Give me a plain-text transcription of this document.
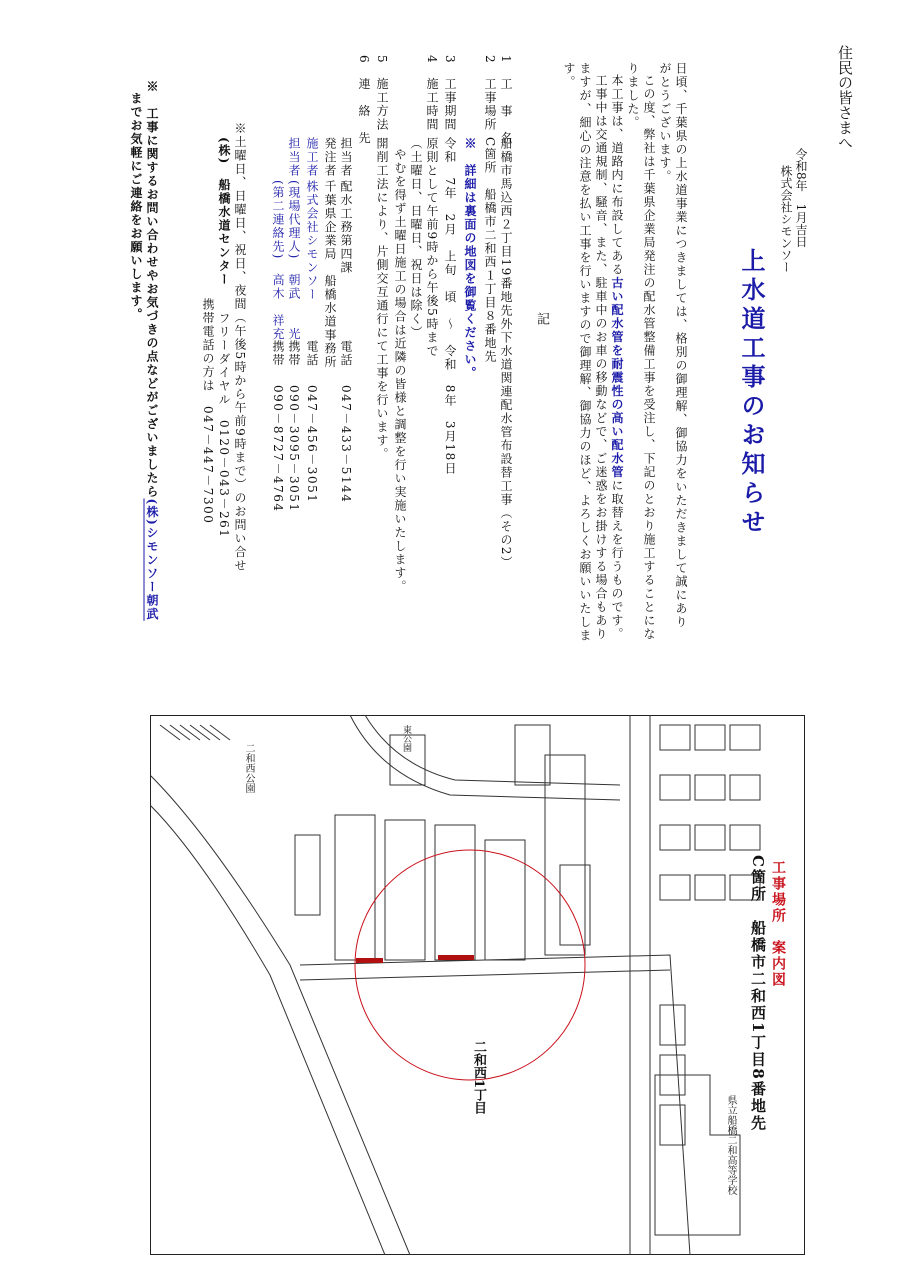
住民の皆さまへ
令和8年　1月吉日
株式会社シモンソー
上水道工事のお知らせ
日頃、千葉県の上水道事業につきましては、格別の御理解、御協力をいただきまして誠にあり
がとうございます。
この度、弊社は千葉県企業局発注の配水管整備工事を受注し、下記のとおり施工することにな
りました。
本工事は、道路内に布設してある古い配水管を耐震性の高い配水管に取替えを行うものです。
工事中は交通規制、騒音、また、駐車中のお車の移動などで、ご迷惑をお掛けする場合もあり
ますが、細心の注意を払い工事を行いますので御理解、御協力のほど、よろしくお願いいたしま
す。
記
1　工　事　名
船橋市馬込西２丁目19番地先外下水道関連配水管布設替工事（その2）
2　工事場所
C箇所　船橋市二和西１丁目８番地先
※　詳細は裏面の地図を御覧ください。
3　工事期間
令和　7年　2月　上旬　頃　～　令和　8年　3月18日
4　施工時間
原則として午前9時から午後5時まで
（土曜日、日曜日、祝日は除く）
やむを得ず土曜日施工の場合は近隣の皆様と調整を行い実施いたします。
5　施工方法
開削工法により、片側交互通行にて工事を行います。
6　連　絡　先
担当者
配水工務第四課
電話
047－433－5144
発注者
千葉県企業局　船橋水道事務所
施工者
株式会社シモンソー
電話
047－456－3051
担当者
(現場代理人)　朝武　　光
携帯
090－3095－3051
(第二連絡先)　高木　祥充
携帯
090－8727－4764
※土曜日、日曜日、祝日、夜間（午後5時から午前9時まで）のお問い合せ
(株)　船橋水道センター
フリーダイヤル　0120－043－261
携帯電話の方は　047－447－7300
※　工事に関するお問い合わせやお気づきの点などがございましたら(株)シモンソー朝武
までお気軽にご連絡をお願いします。
工事場所　案内図
C箇所　船橋市二和西1丁目8番地先
二和西1丁目
二和西公園
県立船橋二和高等学校
東公園
